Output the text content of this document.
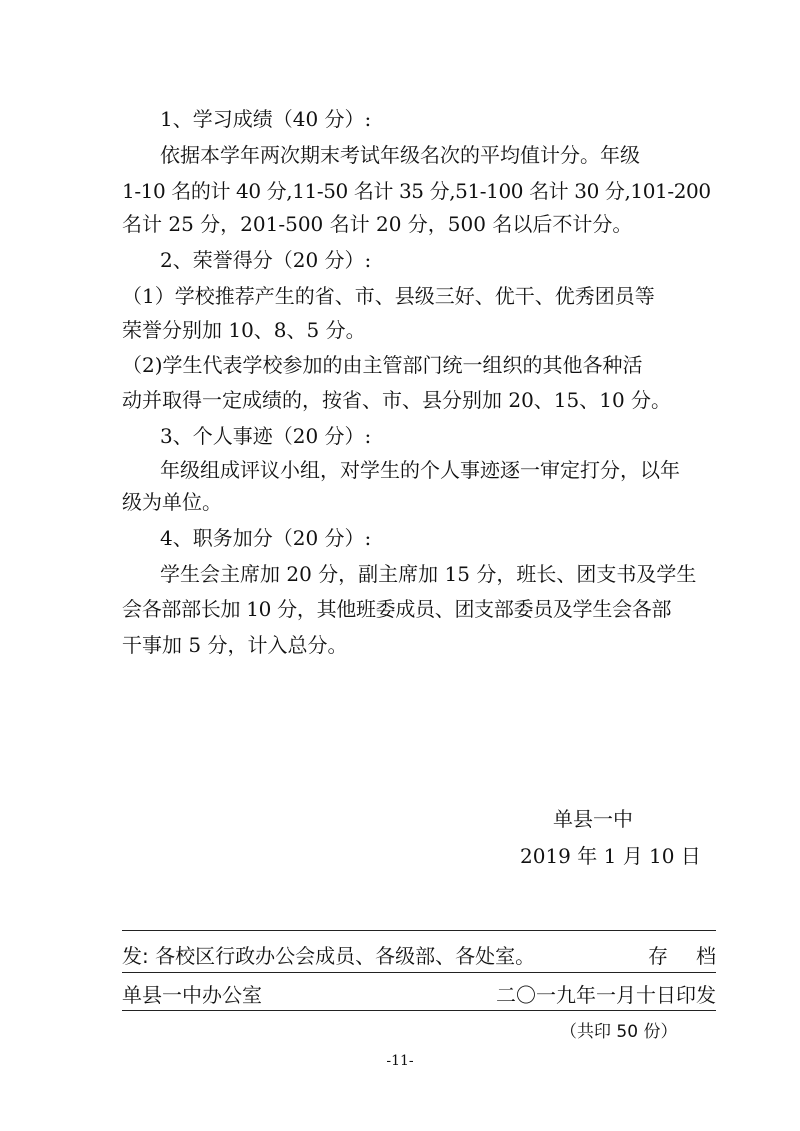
1、学习成绩（40 分）:
依据本学年两次期末考试年级名次的平均值计分。年级
1-10 名的计 40 分,11-50 名计 35 分,51-100 名计 30 分,101-200
名计 25 分，201-500 名计 20 分，500 名以后不计分。
2、荣誉得分（20 分）:
（1）学校推荐产生的省、市、县级三好、优干、优秀团员等
荣誉分别加 10、8、5 分。
（2)学生代表学校参加的由主管部门统一组织的其他各种活
动并取得一定成绩的，按省、市、县分别加 20、15、10 分。
3、个人事迹（20 分）:
年级组成评议小组，对学生的个人事迹逐一审定打分，以年
级为单位。
4、职务加分（20 分）:
学生会主席加 20 分，副主席加 15 分，班长、团支书及学生
会各部部长加 10 分，其他班委成员、团支部委员及学生会各部
干事加 5 分，计入总分。
单县一中
2019 年 1 月 10 日
发: 各校区行政办公会成员、各级部、各处室。	存档
单县一中办公室	二〇一九年一月十日印发
（共印 50 份）
-11-
